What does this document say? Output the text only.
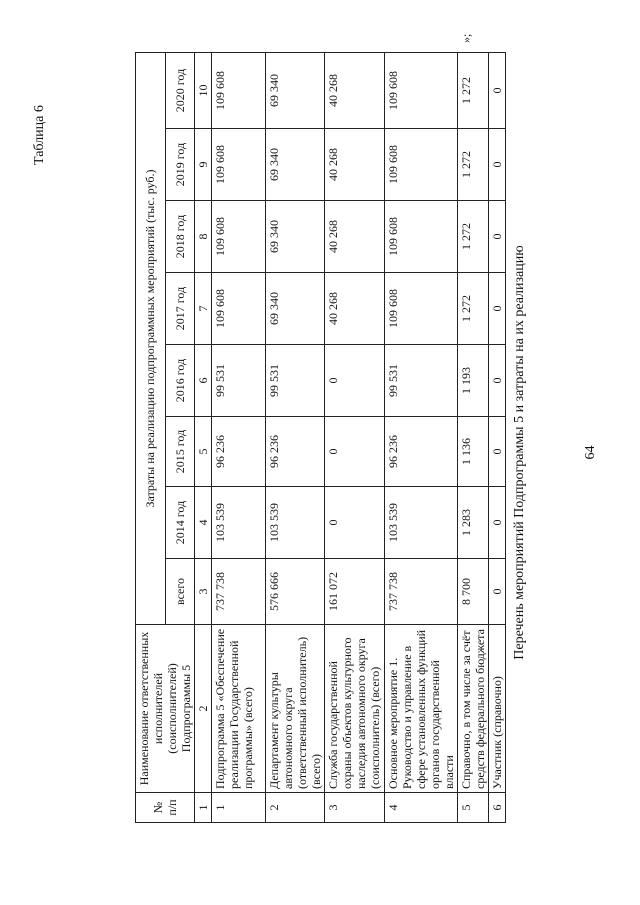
64
Таблица 6
Перечень мероприятий Подпрограммы 5 и затраты на их реализацию
№ п/п	Наименование ответственных исполнителей (соисполнителей) Подпрограммы 5	Затраты на реализацию подпрограммных мероприятий (тыс. руб.)							
		всего	2014 год	2015 год	2016 год	2017 год	2018 год	2019 год	2020 год
1	2	3	4	5	6	7	8	9	10
1	Подпрограмма 5 «Обеспечение реализации Государственной программы» (всего)	737 738	103 539	96 236	99 531	109 608	109 608	109 608	109 608
2	Департамент культуры автономного округа (ответственный исполнитель) (всего)	576 666	103 539	96 236	99 531	69 340	69 340	69 340	69 340
3	Служба государственной охраны объектов культурного наследия автономного округа (соисполнитель) (всего)	161 072	0	0	0	40 268	40 268	40 268	40 268
4	Основное мероприятие 1. Руководство и управление в сфере установленных функций органов государственной власти	737 738	103 539	96 236	99 531	109 608	109 608	109 608	109 608
5	Справочно, в том числе за счёт средств федерального бюджета	8 700	1 283	1 136	1 193	1 272	1 272	1 272	1 272
6	Участник (справочно)	0	0	0	0	0	0	0	0
»;
